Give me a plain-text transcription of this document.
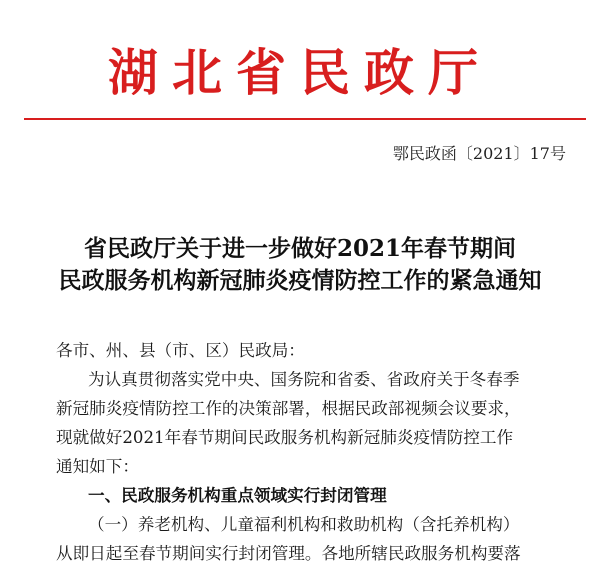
湖北省民政厅
鄂民政函〔2021〕17号
省民政厅关于进一步做好2021年春节期间
民政服务机构新冠肺炎疫情防控工作的紧急通知

各市、州、县（市、区）民政局：

为认真贯彻落实党中央、国务院和省委、省政府关于冬春季

新冠肺炎疫情防控工作的决策部署，根据民政部视频会议要求，

现就做好2021年春节期间民政服务机构新冠肺炎疫情防控工作

通知如下：

一、民政服务机构重点领域实行封闭管理

（一）养老机构、儿童福利机构和救助机构（含托养机构）

从即日起至春节期间实行封闭管理。各地所辖民政服务机构要落
